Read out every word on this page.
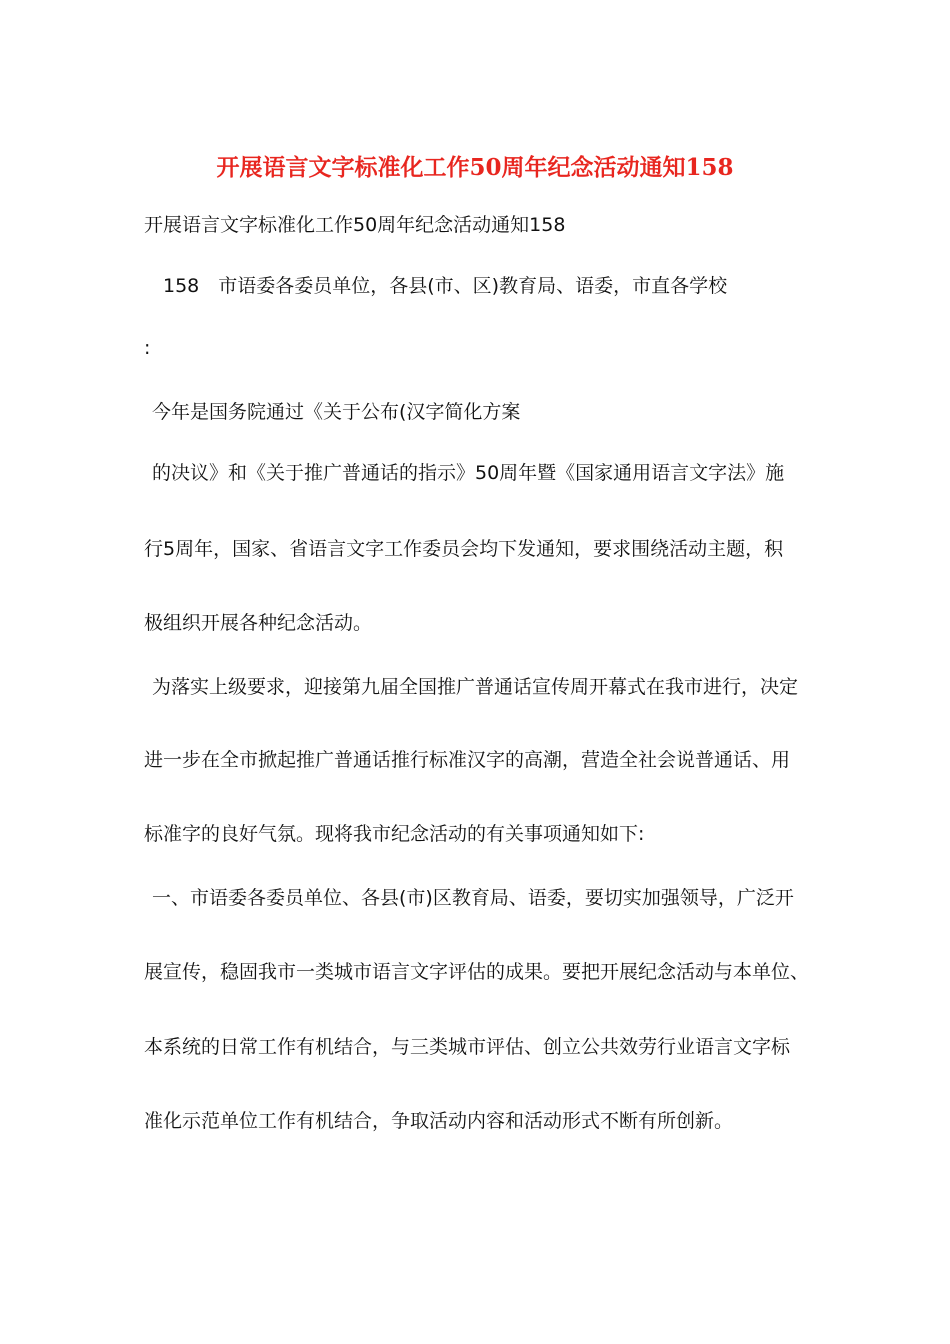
开展语言文字标准化工作50周年纪念活动通知158

开展语言文字标准化工作50周年纪念活动通知158

158　市语委各委员单位，各县(市、区)教育局、语委，市直各学校

:

今年是国务院通过《关于公布(汉字简化方案

的决议》和《关于推广普通话的指示》50周年暨《国家通用语言文字法》施

行5周年，国家、省语言文字工作委员会均下发通知，要求围绕活动主题，积

极组织开展各种纪念活动。

为落实上级要求，迎接第九届全国推广普通话宣传周开幕式在我市进行，决定

进一步在全市掀起推广普通话推行标准汉字的高潮，营造全社会说普通话、用

标准字的良好气氛。现将我市纪念活动的有关事项通知如下:

一、市语委各委员单位、各县(市)区教育局、语委，要切实加强领导，广泛开

展宣传，稳固我市一类城市语言文字评估的成果。要把开展纪念活动与本单位、

本系统的日常工作有机结合，与三类城市评估、创立公共效劳行业语言文字标

准化示范单位工作有机结合，争取活动内容和活动形式不断有所创新。
